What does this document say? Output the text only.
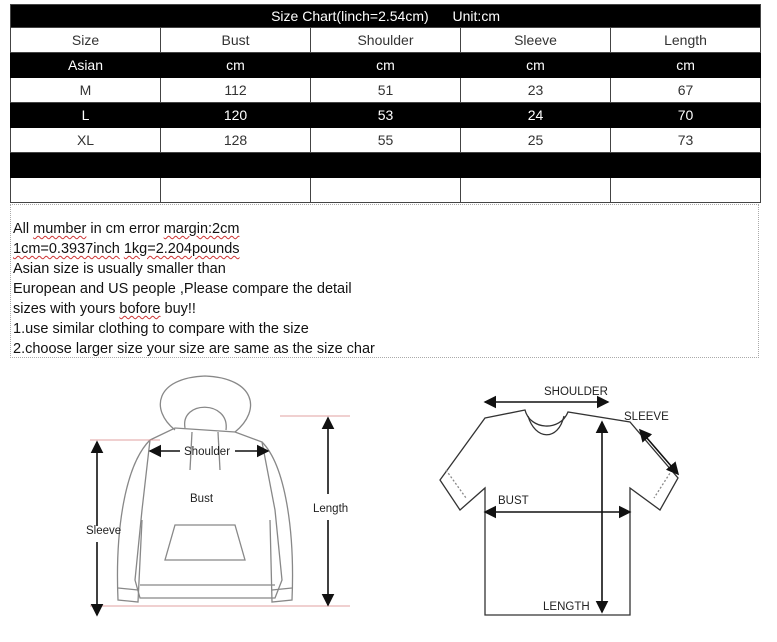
Size Chart(linch=2.54cm) Unit:cm				
Size	Bust	Shoulder	Sleeve	Length
Asian	cm	cm	cm	cm
M	112	51	23	67
L	120	53	24	70
XL	128	55	25	73

All mumber in cm error margin:2cm
1cm=0.3937inch 1kg=2.204pounds
Asian size is usually smaller than
European and US people ,Please compare the detail
sizes with yours bofore buy!!
1.use similar clothing to compare with the size
2.choose larger size your size are same as the size char
Shoulder
Bust
Length
Sleeve
SHOULDER
SLEEVE
BUST
LENGTH
